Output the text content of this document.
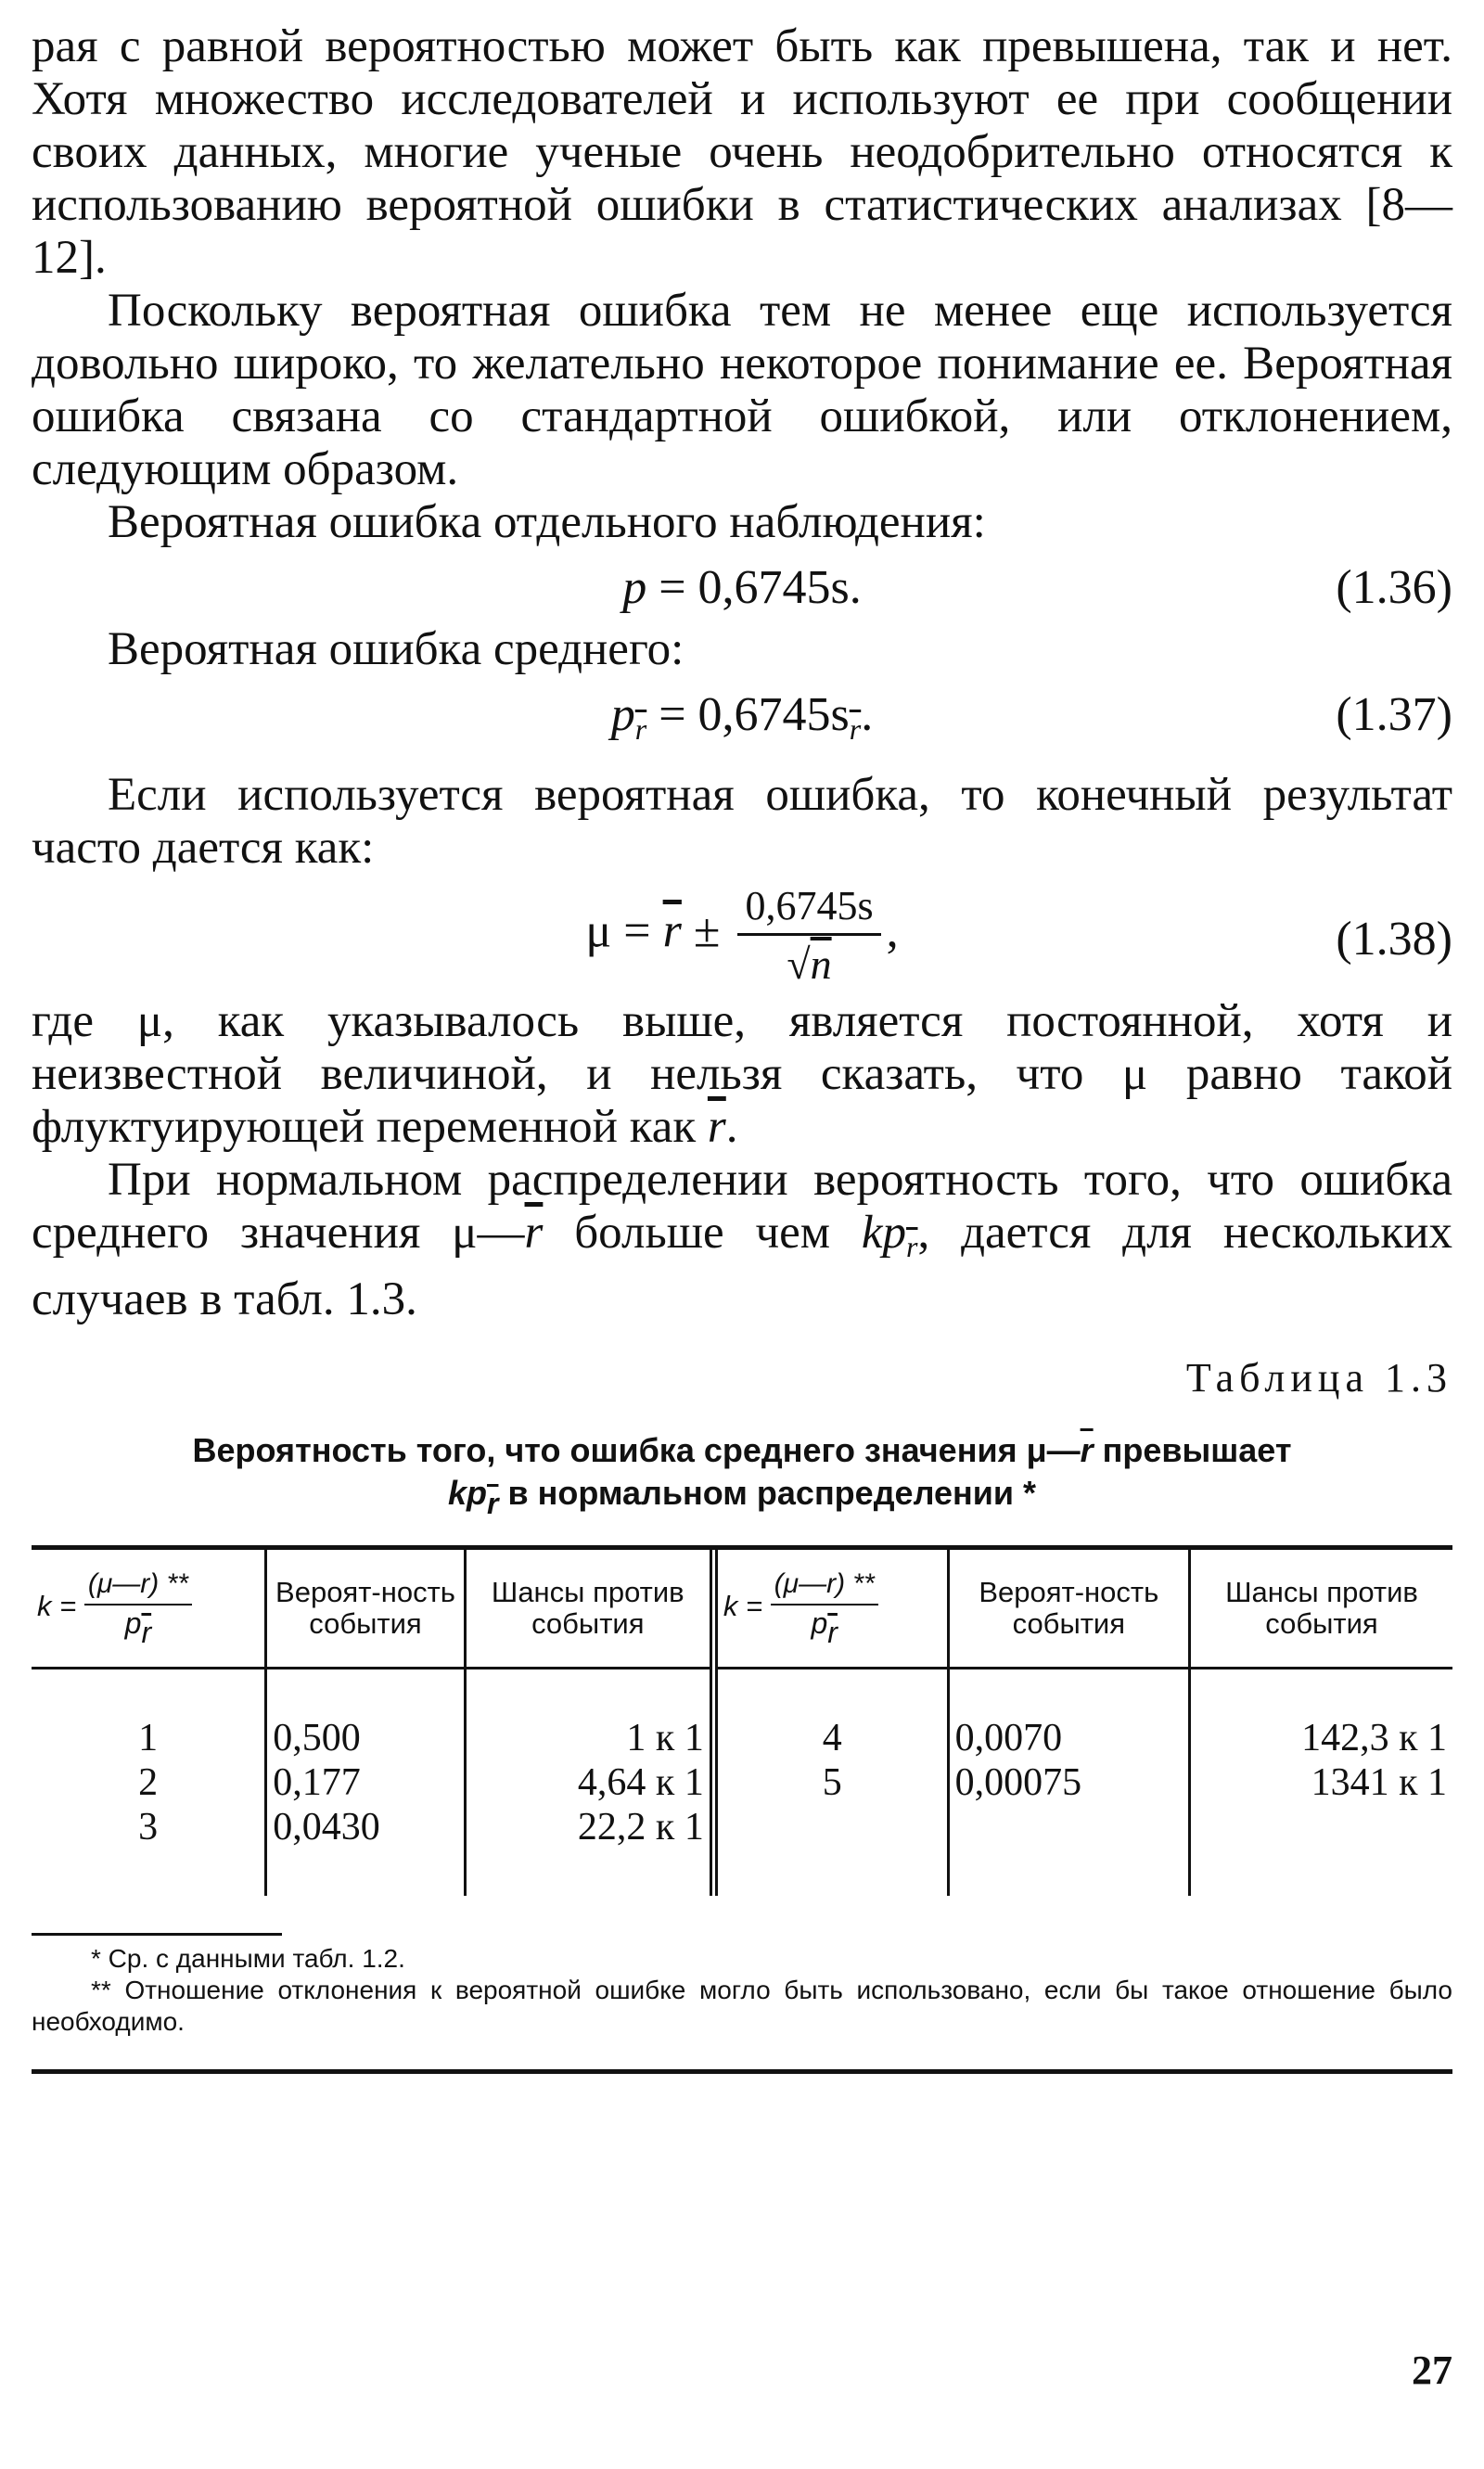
рая с равной вероятностью может быть как превышена, так и нет. Хотя множество исследователей и используют ее при сообщении своих данных, многие ученые очень неодобрительно относятся к использованию вероятной ошибки в статистических анализах [8—12].

Поскольку вероятная ошибка тем не менее еще используется довольно широко, то желательно некоторое понимание ее. Вероятная ошибка связана со стандартной ошибкой, или отклонением, следующим образом.

Вероятная ошибка отдельного наблюдения:

p = 0,6745s.	(1.36)

Вероятная ошибка среднего:

$p_{\overline{r}} = 0,6745s_{\overline{r}}$.	(1.37)

Если используется вероятная ошибка, то конечный результат часто дается как:

$\mu = \overline{r} \pm \frac{0,6745s}{√n}$ ,	(1.38)

где μ, как указывалось выше, является постоянной, хотя и неизвестной величиной, и нельзя сказать, что μ равно такой флуктуирующей переменной как $\overline{r}$.

При нормальном распределении вероятность того, что ошибка среднего значения $\mu—\overline{r}$ больше чем $kp_{\overline{r}}$, дается для нескольких случаев в табл. 1.3.

Таблица 1.3
Вероятность того, что ошибка среднего значения $\mu—\overline{r}$ превышает
$kp\overline{r}$ в нормальном распределении *
$k = \frac{(\mu—r) **}{p\overline{r}}$	Вероят-ность события	Шансы против события	$k = \frac{(\mu—r) **}{p\overline{r}}$	Вероят-ность события	Шансы против события

1	0,500	1 к 1	4	0,0070	142,3 к 1
2	0,177	4,64 к 1	5	0,00075	1341 к 1
3	0,0430	22,2 к 1			

* Ср. с данными табл. 1.2.

** Отношение отклонения к вероятной ошибке могло быть использовано, если бы такое отношение было необходимо.

27
